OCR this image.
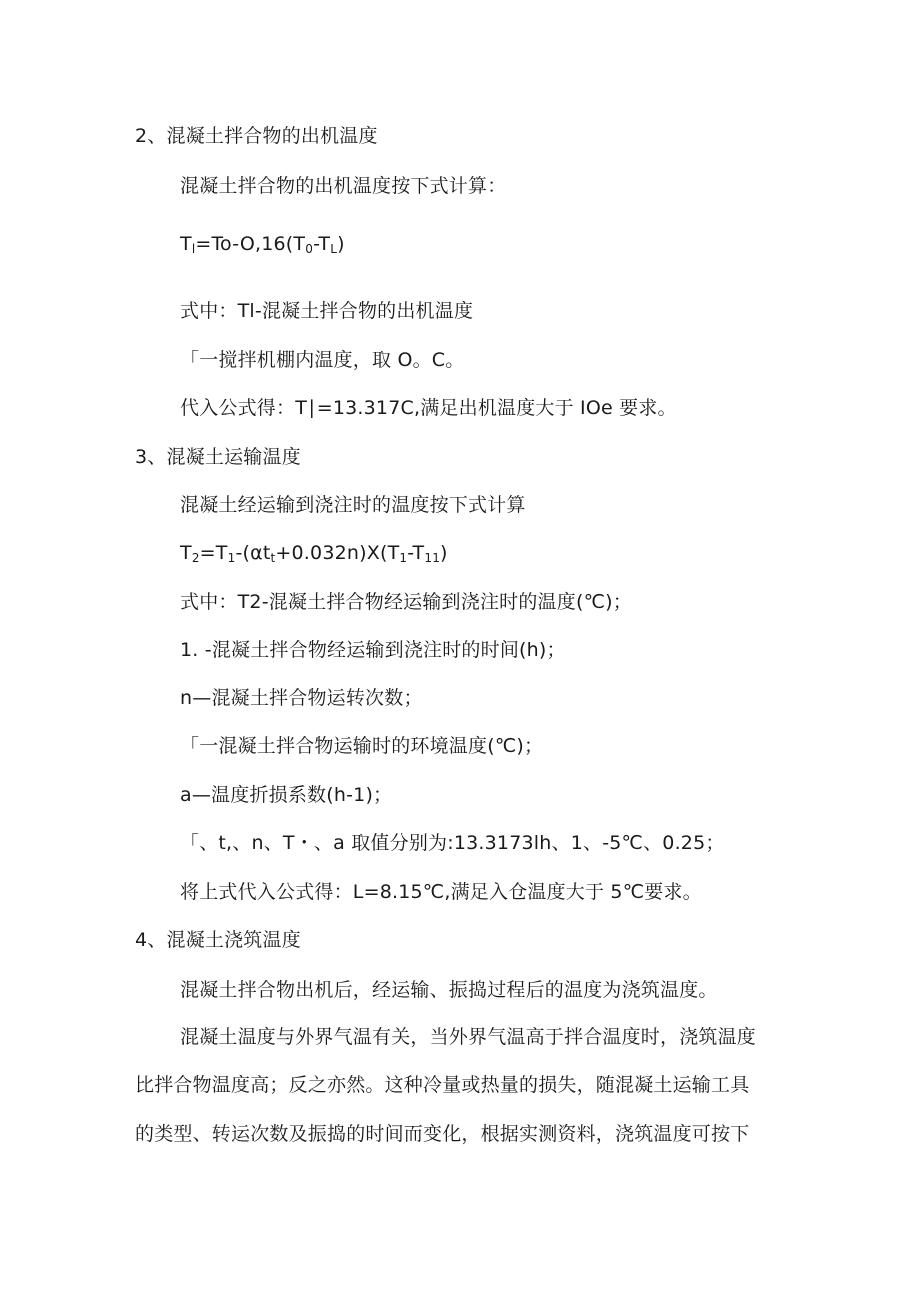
2、混凝土拌合物的出机温度

混凝土拌合物的出机温度按下式计算：

$T_l=To-O,16(T_0-T_L)$

式中：Tl-混凝土拌合物的出机温度

「一搅拌机棚内温度，取 O。C。

代入公式得：T∣=13.317C,满足出机温度大于 IOe 要求。

3、混凝土运输温度

混凝土经运输到浇注时的温度按下式计算

$T_2=T_1-(\alpha t_t+0.032n)X(T_1-T_{11})$

式中：T2-混凝土拌合物经运输到浇注时的温度(℃)；

1. -混凝土拌合物经运输到浇注时的时间(h)；

n—混凝土拌合物运转次数；

「一混凝土拌合物运输时的环境温度(℃)；

a—温度折损系数(h-1)；

「、t,、n、T・、a 取值分别为:13.3173lh、1、-5℃、0.25；

将上式代入公式得：L=8.15℃,满足入仓温度大于 5℃要求。

4、混凝土浇筑温度

混凝土拌合物出机后，经运输、振捣过程后的温度为浇筑温度。

混凝土温度与外界气温有关，当外界气温高于拌合温度时，浇筑温度

比拌合物温度高；反之亦然。这种冷量或热量的损失，随混凝土运输工具

的类型、转运次数及振捣的时间而变化，根据实测资料，浇筑温度可按下
